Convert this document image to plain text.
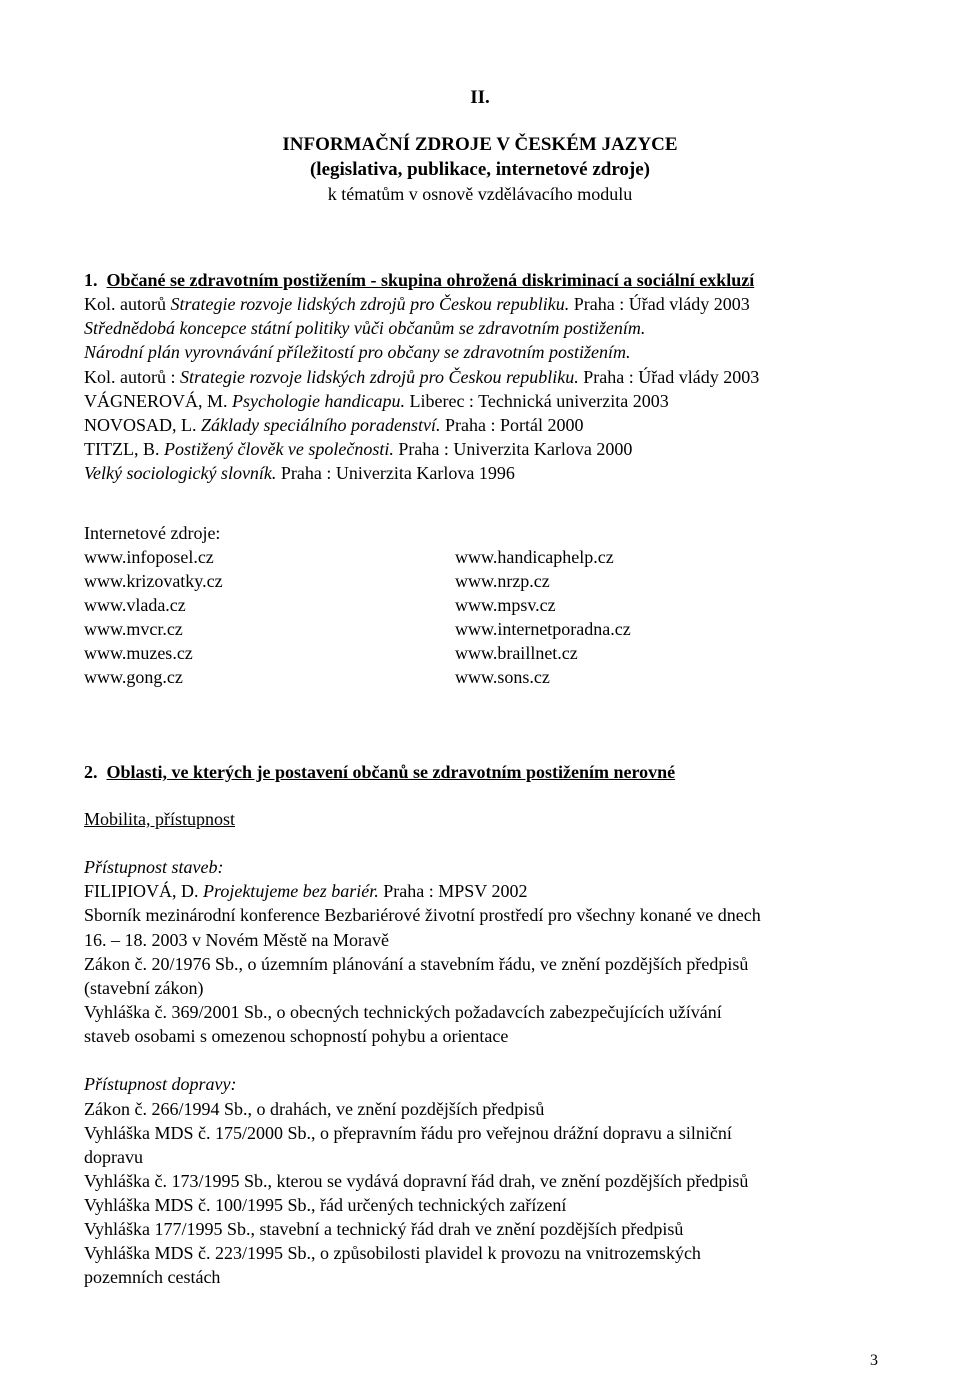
II.
INFORMAČNÍ ZDROJE V ČESKÉM JAZYCE
(legislativa, publikace, internetové zdroje)
k tématům v osnově vzdělávacího modulu
1. Občané se zdravotním postižením - skupina ohrožená diskriminací a sociální exkluzí
Kol. autorů Strategie rozvoje lidských zdrojů pro Českou republiku. Praha : Úřad vlády 2003
Střednědobá koncepce státní politiky vůči občanům se zdravotním postižením.
Národní plán vyrovnávání příležitostí pro občany se zdravotním postižením.
Kol. autorů : Strategie rozvoje lidských zdrojů pro Českou republiku. Praha : Úřad vlády 2003
VÁGNEROVÁ, M. Psychologie handicapu. Liberec : Technická univerzita 2003
NOVOSAD, L. Základy speciálního poradenství. Praha : Portál 2000
TITZL, B. Postižený člověk ve společnosti. Praha : Univerzita Karlova 2000
Velký sociologický slovník. Praha : Univerzita Karlova 1996
Internetové zdroje:
www.infoposel.cz
www.krizovatky.cz
www.vlada.cz
www.mvcr.cz
www.muzes.cz
www.gong.cz
www.handicaphelp.cz
www.nrzp.cz
www.mpsv.cz
www.internetporadna.cz
www.braillnet.cz
www.sons.cz
2. Oblasti, ve kterých je postavení občanů se zdravotním postižením nerovné
Mobilita, přístupnost
Přístupnost staveb:
FILIPIOVÁ, D. Projektujeme bez bariér. Praha : MPSV 2002
Sborník mezinárodní konference Bezbariérové životní prostředí pro všechny konané ve dnech
16. – 18. 2003 v Novém Městě na Moravě
Zákon č. 20/1976 Sb., o územním plánování a stavebním řádu, ve znění pozdějších předpisů
(stavební zákon)
Vyhláška č. 369/2001 Sb., o obecných technických požadavcích zabezpečujících užívání
staveb osobami s omezenou schopností pohybu a orientace
Přístupnost dopravy:
Zákon č. 266/1994 Sb., o drahách, ve znění pozdějších předpisů
Vyhláška MDS č. 175/2000 Sb., o přepravním řádu pro veřejnou drážní dopravu a silniční
dopravu
Vyhláška č. 173/1995 Sb., kterou se vydává dopravní řád drah, ve znění pozdějších předpisů
Vyhláška MDS č. 100/1995 Sb., řád určených technických zařízení
Vyhláška 177/1995 Sb., stavební a technický řád drah ve znění pozdějších předpisů
Vyhláška MDS č. 223/1995 Sb., o způsobilosti plavidel k provozu na vnitrozemských
pozemních cestách
3
